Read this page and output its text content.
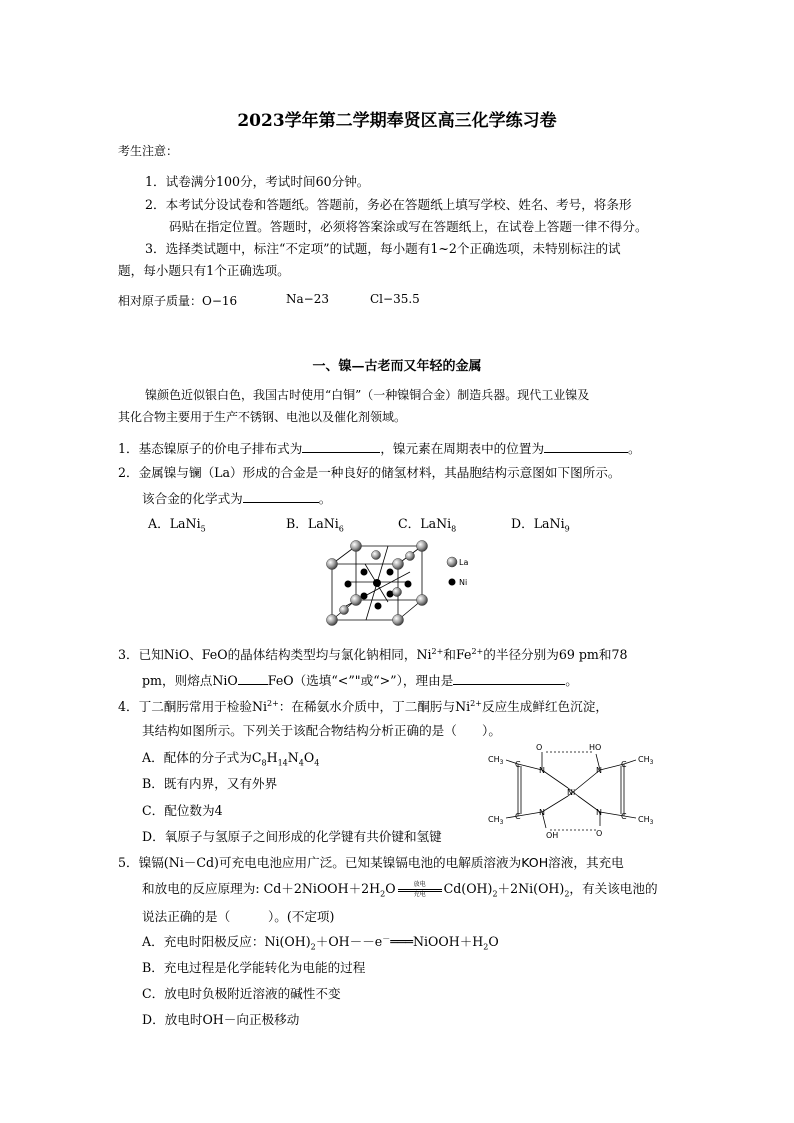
2023学年第二学期奉贤区高三化学练习卷
考生注意：
1．试卷满分100分，考试时间60分钟。
2．本考试分设试卷和答题纸。答题前，务必在答题纸上填写学校、姓名、考号，将条形
码贴在指定位置。答题时，必须将答案涂或写在答题纸上，在试卷上答题一律不得分。
3．选择类试题中，标注“不定项”的试题，每小题有1~2个正确选项，未特别标注的试
题，每小题只有1个正确选项。
相对原子质量：O−16	Na−23	Cl−35.5
一、镍—古老而又年轻的金属
镍颜色近似银白色，我国古时使用“白铜”（一种镍铜合金）制造兵器。现代工业镍及
其化合物主要用于生产不锈钢、电池以及催化剂领域。
1．基态镍原子的价电子排布式为	，镍元素在周期表中的位置为	。
2．金属镍与镧（La）形成的合金是一种良好的储氢材料，其晶胞结构示意图如下图所示。
该合金的化学式为	。
A．LaNi$_5$	B．LaNi$_6$	C．LaNi$_8$	D．LaNi$_9$
La
Ni
3．已知NiO、FeO的晶体结构类型均与氯化钠相同，$Ni^{2+}$和$Fe^{2+}$的半径分别为69 pm和78
pm，则熔点NiO FeO（选填“<”"或“>”），理由是	。
4．丁二酮肟常用于检验$Ni^{2+}$：在稀氨水介质中，丁二酮肟与$Ni^{2+}$反应生成鲜红色沉淀，
其结构如图所示。下列关于该配合物结构分析正确的是（　　）。
A．配体的分子式为$C_8H_{14}N_4O_4$
B．既有内界，又有外界
C．配位数为4
D．氧原子与氢原子之间形成的化学键有共价键和氢键
O	HO
N	N
N	N
C	C
C	C
Ni
OH	O
$CH_3$
$CH_3$
$CH_3$
$CH_3$
5．镍镉(Ni－Cd)可充电电池应用广泛。已知某镍镉电池的电解质溶液为KOH溶液，其充电
和放电的反应原理为: $Cd+2NiOOH+2H_2O \frac{\text{放电}}{\text{充电}} Cd(OH)_2+2Ni(OH)_2$，有关该电池的
说法正确的是（　　　）。(不定项)
A．充电时阳极反应：$Ni(OH)_2+OH--e^-═══NiOOH+H_2O$
B．充电过程是化学能转化为电能的过程
C．放电时负极附近溶液的碱性不变
D．放电时OH－向正极移动
